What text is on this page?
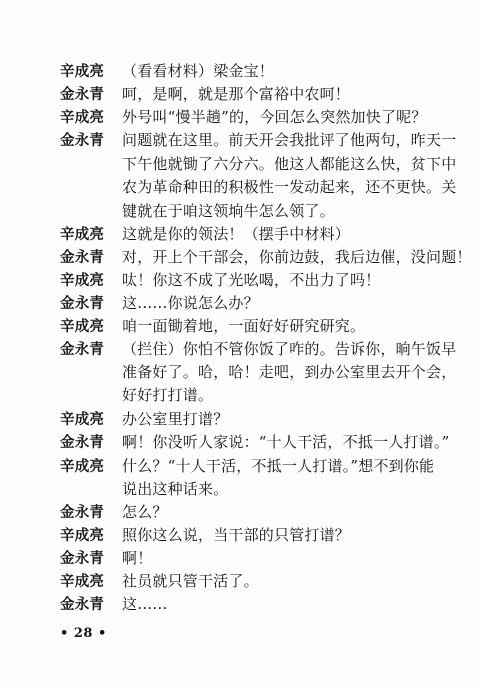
辛成亮 （看看材料）梁金宝！
金永青 呵，是啊，就是那个富裕中农呵！
辛成亮 外号叫“慢半趟”的，今回怎么突然加快了呢？
金永青 问题就在这里。前天开会我批评了他两句，昨天一
下午他就锄了六分六。他这人都能这么快，贫下中
农为革命种田的积极性一发动起来，还不更快。关
键就在于咱这领垧牛怎么领了。
辛成亮 这就是你的领法！（摆手中材料）
金永青 对，开上个干部会，你前边鼓，我后边催，没问题！
辛成亮 呔！你这不成了光吆喝，不出力了吗！
金永青 这……你说怎么办？
辛成亮 咱一面锄着地，一面好好研究研究。
金永青 （拦住）你怕不管你饭了咋的。告诉你，晌午饭早
准备好了。哈，哈！走吧，到办公室里去开个会，
好好打打谱。
辛成亮 办公室里打谱？
金永青 啊！你没听人家说：“十人干活，不抵一人打谱。”
辛成亮 什么？“十人干活，不抵一人打谱。”想不到你能
说出这种话来。
金永青 怎么？
辛成亮 照你这么说，当干部的只管打谱？
金永青 啊！
辛成亮 社员就只管干活了。
金永青 这……
• 28 •
